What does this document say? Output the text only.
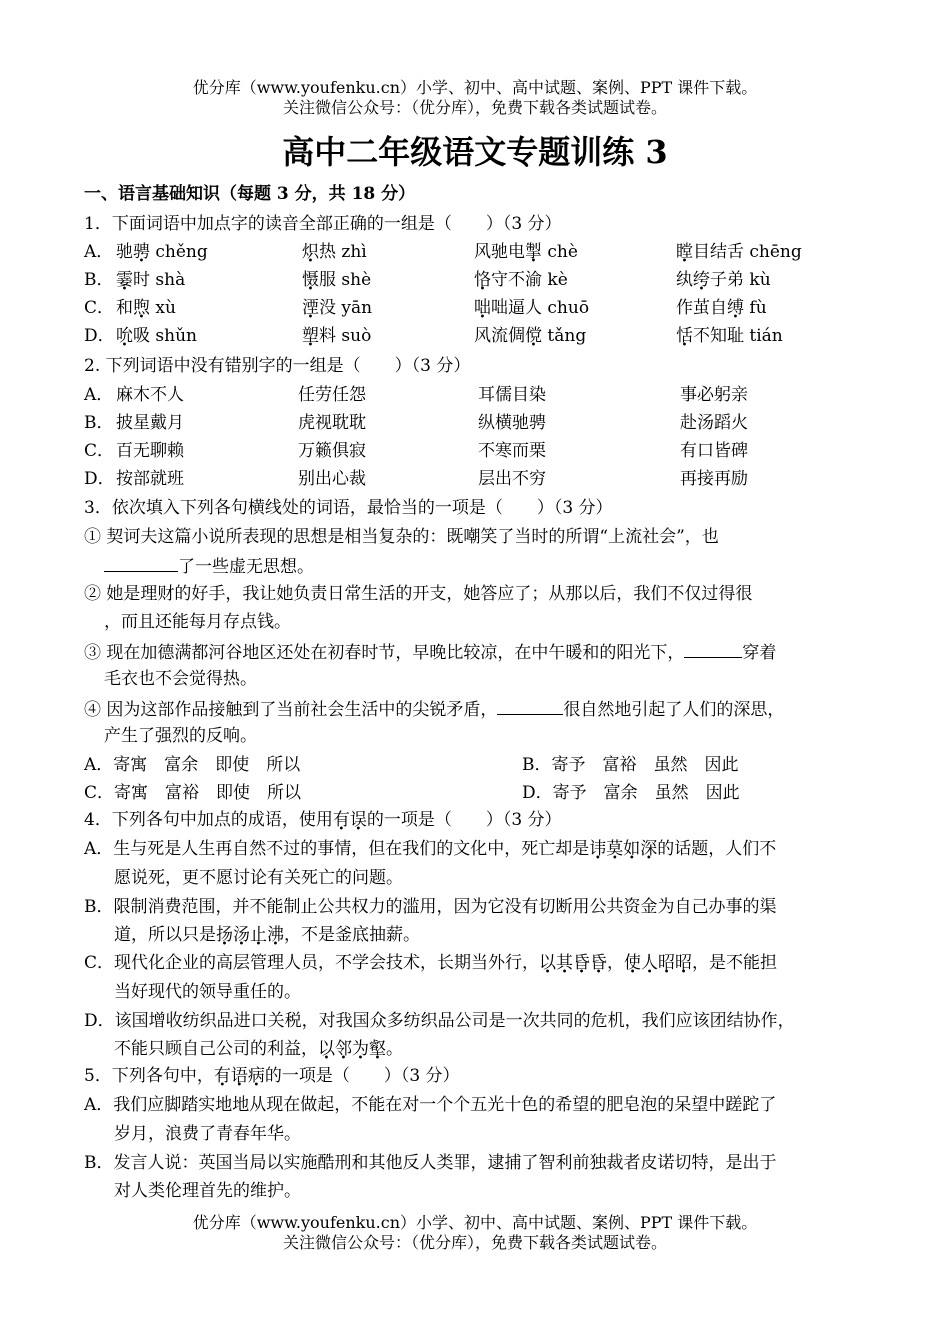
优分库（www.youfenku.cn）小学、初中、高中试题、案例、PPT 课件下载。
关注微信公众号：（优分库），免费下载各类试题试卷。
高中二年级语文专题训练 3
一、语言基础知识（每题 3 分，共 18 分）
1．下面词语中加点字的读音全部正确的一组是（　　）（3 分）
A． 驰骋 chěng	炽热 zhì	风驰电掣 chè	瞠目结舌 chēng
B． 霎时 shà	慑服 shè	恪守不渝 kè	纨绔子弟 kù
C． 和煦 xù	湮没 yān	咄咄逼人 chuō	作茧自缚 fù
D． 吮吸 shǔn	塑料 suò	风流倜傥 tǎng	恬不知耻 tián
2. 下列词语中没有错别字的一组是（　　）（3 分）
A． 麻木不人	任劳任怨	耳儒目染	事必躬亲
B． 披星戴月	虎视耽耽	纵横驰骋	赴汤蹈火
C． 百无聊赖	万籁俱寂	不寒而栗	有口皆碑
D． 按部就班	别出心裁	层出不穷	再接再励
3．依次填入下列各句横线处的词语，最恰当的一项是（　　）（3 分）
① 契诃夫这篇小说所表现的思想是相当复杂的：既嘲笑了当时的所谓“上流社会”，也
了一些虚无思想。
② 她是理财的好手，我让她负责日常生活的开支，她答应了；从那以后，我们不仅过得很
，而且还能每月存点钱。
③ 现在加德满都河谷地区还处在初春时节，早晚比较凉，在中午暖和的阳光下，	穿着
毛衣也不会觉得热。
④ 因为这部作品接触到了当前社会生活中的尖锐矛盾，	很自然地引起了人们的深思，
产生了强烈的反响。
A．寄寓　富余　即使　所以	B．寄予　富裕　虽然　因此
C．寄寓　富裕　即使　所以	D．寄予　富余　虽然　因此
4．下列各句中加点的成语，使用有误的一项是（　　）（3 分）
A．生与死是人生再自然不过的事情，但在我们的文化中，死亡却是讳莫如深的话题，人们不
愿说死，更不愿讨论有关死亡的问题。
B．限制消费范围，并不能制止公共权力的滥用，因为它没有切断用公共资金为自己办事的渠
道，所以只是扬汤止沸，不是釜底抽薪。
C．现代化企业的高层管理人员，不学会技术，长期当外行，以其昏昏，使人昭昭，是不能担
当好现代的领导重任的。
D．该国增收纺织品进口关税，对我国众多纺织品公司是一次共同的危机，我们应该团结协作，
不能只顾自己公司的利益，以邻为壑。
5．下列各句中，有语病的一项是（　　）（3 分）
A．我们应脚踏实地地从现在做起，不能在对一个个五光十色的希望的肥皂泡的呆望中蹉跎了
岁月，浪费了青春年华。
B．发言人说：英国当局以实施酷刑和其他反人类罪，逮捕了智利前独裁者皮诺切特，是出于
对人类伦理首先的维护。
优分库（www.youfenku.cn）小学、初中、高中试题、案例、PPT 课件下载。
关注微信公众号：（优分库），免费下载各类试题试卷。
